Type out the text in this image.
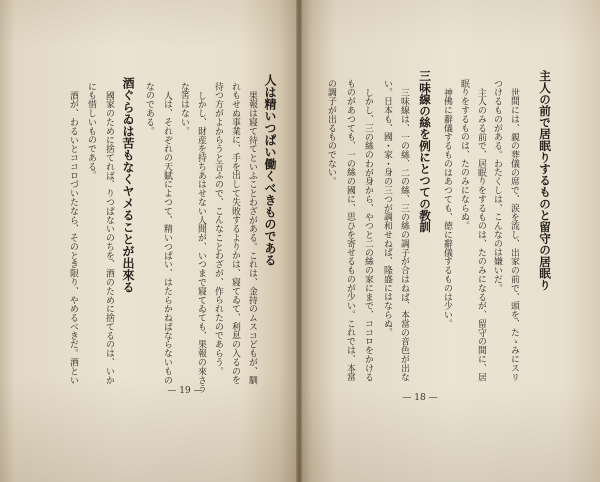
人は精いつぱい働くべきものである
果報は寢て待てといふことわざがある。これは、金持のムスコどもが、馴
れもせぬ事業に、手を出して失敗するよりかは、寢てゐて、利息の入るのを
待つ方がよからうと言ふので、こんなことわざが、作られたのであらう。
しかし、財産を持ちあはせない人間が、いつまで寢てゐても、果報の來さう
な筈はない。
人は、それぞれの天賦によつて、精いつぱい、はたらかねばならないもの
なのである。
酒ぐらゐは苦もなくヤメることが出來る
國家のために捨てれば、りつぱないのちを、酒のために捨てるのは、いか
にも惜しいものである。
酒が、わるいとココロづいたなら、そのとき限り、やめるべきだ。酒とい
— 19 —
主人の前で居眠りするものと留守の居眠り
世間には、親の葬儀の席で、涙を流し、出家の前で、頭を、たゝみにスリ
つけるものがある。わたくしは、こんなのは嫌いだ。
主人のみる前で、居眠りをするものは、たのみになるが、留守の間に、居
眠りをするものは、たのみにならぬ。
神佛に辭儀するものはあつても、徳に辭儀するものは少い。
三味線の絲を例にとつての教訓
三味線は、一の絲、二の絲、三の絲の調子が合はねば、本當の音色が出な
い。日本も、國・家・身の三つが調和せねば、隆盛にはならぬ。
しかし、三の絲のわが身から、やつと二の絲の家にまで、ココロをかける
ものがあつても、一の絲の國に、思ひを寄せるものが少い。これでは、本當
の調子が出るものでない。
— 18 —
